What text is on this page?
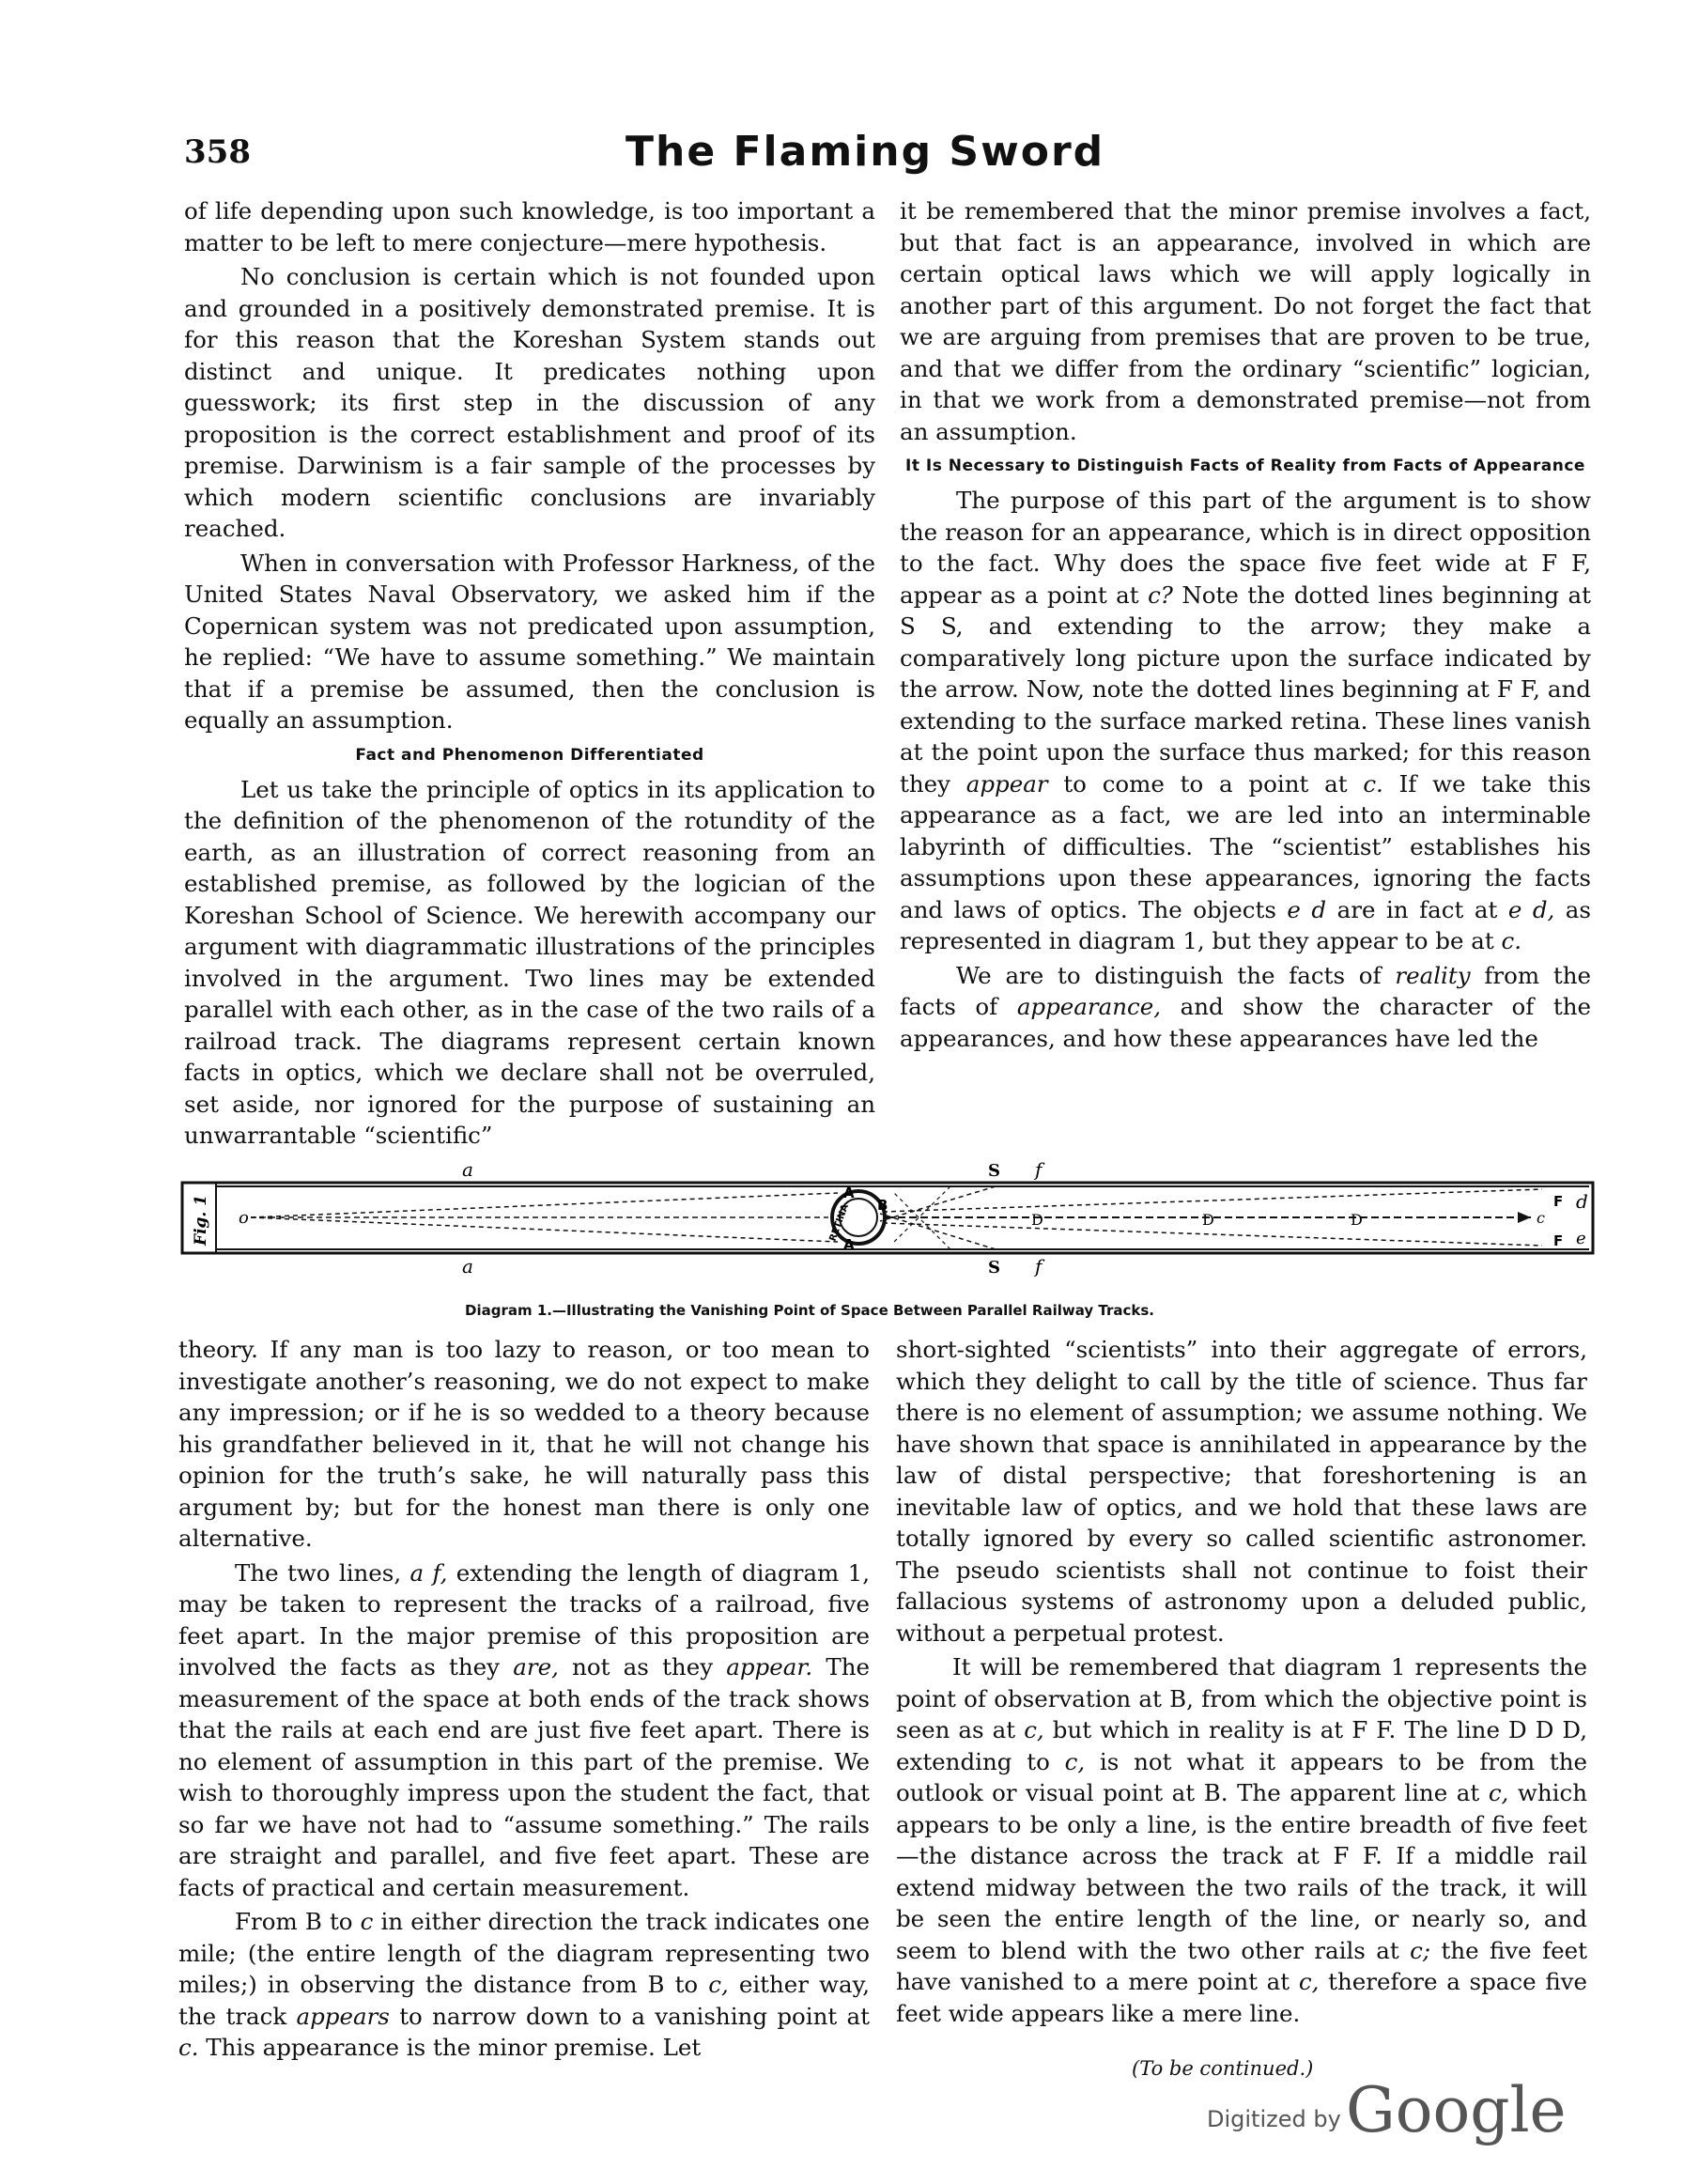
358	The Flaming Sword

of life depending upon such knowledge, is too important a matter to be left to mere conjecture—mere hypothesis.

No conclusion is certain which is not founded upon and grounded in a positively demonstrated premise. It is for this reason that the Koreshan System stands out distinct and unique. It predicates nothing upon guesswork; its first step in the discussion of any proposition is the correct establishment and proof of its premise. Darwinism is a fair sample of the processes by which modern scientific conclusions are invariably reached.

When in conversation with Professor Harkness, of the United States Naval Observatory, we asked him if the Copernican system was not predicated upon assumption, he replied: “We have to assume something.” We maintain that if a premise be assumed, then the conclusion is equally an assumption.

Fact and Phenomenon Differentiated

Let us take the principle of optics in its application to the definition of the phenomenon of the rotundity of the earth, as an illustration of correct reasoning from an established premise, as followed by the logician of the Koreshan School of Science. We herewith accompany our argument with diagrammatic illustrations of the principles involved in the argument. Two lines may be extended parallel with each other, as in the case of the two rails of a railroad track. The diagrams represent certain known facts in optics, which we declare shall not be overruled, set aside, nor ignored for the purpose of sustaining an unwarrantable “scientific”

it be remembered that the minor premise involves a fact, but that fact is an appearance, involved in which are certain optical laws which we will apply logically in another part of this argument. Do not forget the fact that we are arguing from premises that are proven to be true, and that we differ from the ordinary “scientific” logician, in that we work from a demonstrated premise—not from an assumption.

It Is Necessary to Distinguish Facts of Reality from Facts of Appearance

The purpose of this part of the argument is to show the reason for an appearance, which is in direct opposition to the fact. Why does the space five feet wide at F F, appear as a point at c? Note the dotted lines beginning at S S, and extending to the arrow; they make a comparatively long picture upon the surface indicated by the arrow. Now, note the dotted lines beginning at F F, and extending to the surface marked retina. These lines vanish at the point upon the surface thus marked; for this reason they appear to come to a point at c. If we take this appearance as a fact, we are led into an interminable labyrinth of difficulties. The “scientist” establishes his assumptions upon these appearances, ignoring the facts and laws of optics. The objects e d are in fact at e d, as represented in diagram 1, but they appear to be at c.

We are to distinguish the facts of reality from the facts of appearance, and show the character of the appearances, and how these appearances have led the

a
a
S
S
f
f
o
A
A
B
D	D	D
F
F
d
e
c
Fig. 1	RETINA
Diagram 1.—Illustrating the Vanishing Point of Space Between Parallel Railway Tracks.

theory. If any man is too lazy to reason, or too mean to investigate another’s reasoning, we do not expect to make any impression; or if he is so wedded to a theory because his grandfather believed in it, that he will not change his opinion for the truth’s sake, he will naturally pass this argument by; but for the honest man there is only one alternative.

The two lines, a f, extending the length of diagram 1, may be taken to represent the tracks of a railroad, five feet apart. In the major premise of this proposition are involved the facts as they are, not as they appear. The measurement of the space at both ends of the track shows that the rails at each end are just five feet apart. There is no element of assumption in this part of the premise. We wish to thoroughly impress upon the student the fact, that so far we have not had to “assume something.” The rails are straight and parallel, and five feet apart. These are facts of practical and certain measurement.

From B to c in either direction the track indicates one mile; (the entire length of the diagram representing two miles;) in observing the distance from B to c, either way, the track appears to narrow down to a vanishing point at c. This appearance is the minor premise. Let

short-sighted “scientists” into their aggregate of errors, which they delight to call by the title of science. Thus far there is no element of assumption; we assume nothing. We have shown that space is annihilated in appearance by the law of distal perspective; that foreshortening is an inevitable law of optics, and we hold that these laws are totally ignored by every so called scientific astronomer. The pseudo scientists shall not continue to foist their fallacious systems of astronomy upon a deluded public, without a perpetual protest.

It will be remembered that diagram 1 represents the point of observation at B, from which the objective point is seen as at c, but which in reality is at F F. The line D D D, extending to c, is not what it appears to be from the outlook or visual point at B. The apparent line at c, which appears to be only a line, is the entire breadth of five feet—the distance across the track at F F. If a middle rail extend midway between the two rails of the track, it will be seen the entire length of the line, or nearly so, and seem to blend with the two other rails at c; the five feet have vanished to a mere point at c, therefore a space five feet wide appears like a mere line.

(To be continued.)
Digitized by Google
